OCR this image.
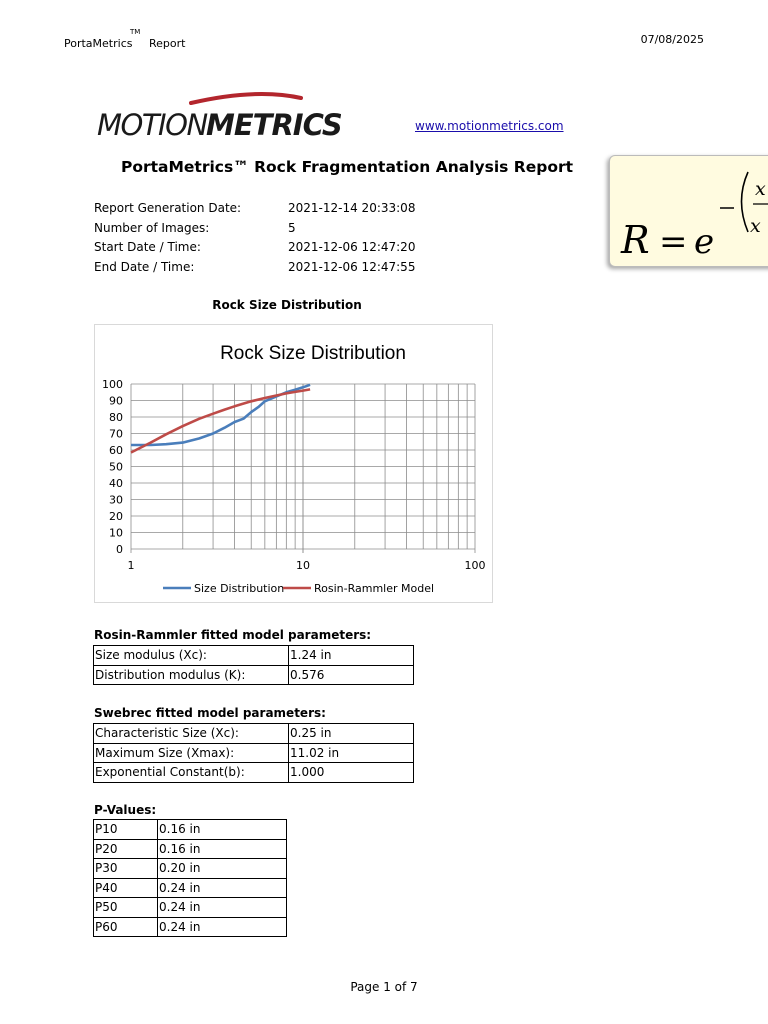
PortaMetrics
TM
Report	07/08/2025
MOTION METRICS	www.motionmetrics.com
PortaMetrics™ Rock Fragmentation Analysis Report
Report Generation Date:	2021-12-14 20:33:08
Number of Images:	5
Start Date / Time:	2021-12-06 12:47:20
End Date / Time:	2021-12-06 12:47:55
Rock Size Distribution
Rock Size Distribution
0
10
20
30
40
50
60
70
80
90
100
1	10	100
Size Distribution	Rosin-Rammler Model
R = e
x
x
Rosin-Rammler fitted model parameters:
Size modulus (Xc):	1.24 in
Distribution modulus (K):	0.576
Swebrec fitted model parameters:
Characteristic Size (Xc):	0.25 in
Maximum Size (Xmax):	11.02 in
Exponential Constant(b):	1.000
P-Values:
P10	0.16 in
P20	0.16 in
P30	0.20 in
P40	0.24 in
P50	0.24 in
P60	0.24 in
Page 1 of 7
